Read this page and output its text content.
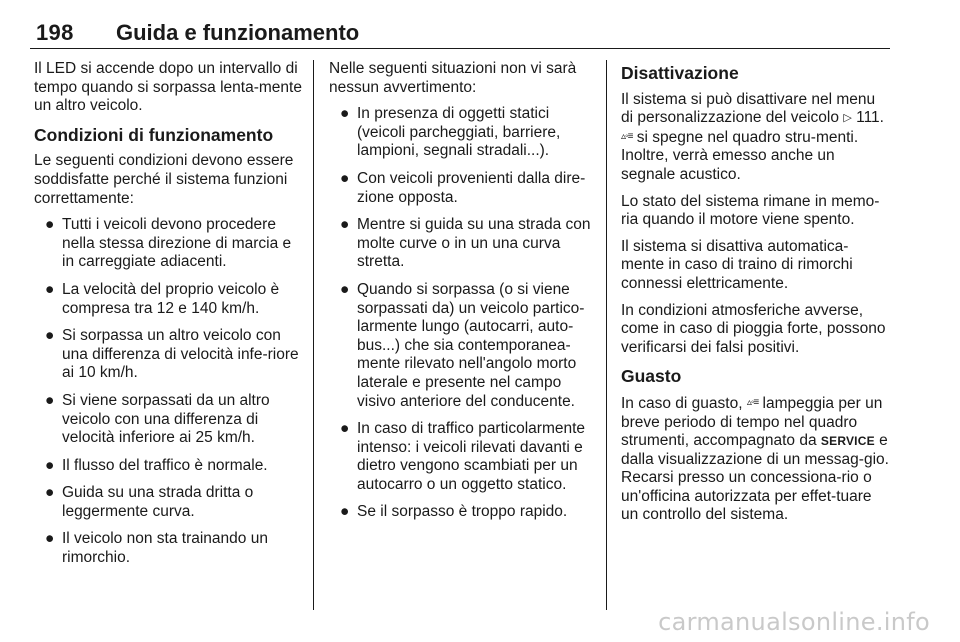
198 Guida e funzionamento

Il LED si accende dopo un intervallo di tempo quando si sorpassa lenta-mente un altro veicolo.

Condizioni di funzionamento

Le seguenti condizioni devono essere soddisfatte perché il sistema funzioni correttamente:

● Tutti i veicoli devono procedere nella stessa direzione di marcia e in carreggiate adiacenti.
● La velocità del proprio veicolo è compresa tra 12 e 140 km/h.
● Si sorpassa un altro veicolo con una differenza di velocità infe-riore ai 10 km/h.
● Si viene sorpassati da un altro veicolo con una differenza di velocità inferiore ai 25 km/h.
● Il flusso del traffico è normale.
● Guida su una strada dritta o leggermente curva.
● Il veicolo non sta trainando un rimorchio.

Nelle seguenti situazioni non vi sarà nessun avvertimento:

● In presenza di oggetti statici (veicoli parcheggiati, barriere, lampioni, segnali stradali...).
● Con veicoli provenienti dalla dire-zione opposta.
● Mentre si guida su una strada con molte curve o in un una curva stretta.
● Quando si sorpassa (o si viene sorpassati da) un veicolo partico-larmente lungo (autocarri, auto-bus...) che sia contemporanea-mente rilevato nell'angolo morto laterale e presente nel campo visivo anteriore del conducente.
● In caso di traffico particolarmente intenso: i veicoli rilevati davanti e dietro vengono scambiati per un autocarro o un oggetto statico.
● Se il sorpasso è troppo rapido.
Disattivazione

Il sistema si può disattivare nel menu di personalizzazione del veicolo ▷ 111. ▵◦≡ si spegne nel quadro stru-menti. Inoltre, verrà emesso anche un segnale acustico.

Lo stato del sistema rimane in memo-ria quando il motore viene spento.

Il sistema si disattiva automatica-mente in caso di traino di rimorchi connessi elettricamente.

In condizioni atmosferiche avverse, come in caso di pioggia forte, possono verificarsi dei falsi positivi.

Guasto

In caso di guasto, ▵◦≡ lampeggia per un breve periodo di tempo nel quadro strumenti, accompagnato da SERVICE e dalla visualizzazione di un messag-gio. Recarsi presso un concessiona-rio o un'officina autorizzata per effet-tuare un controllo del sistema.

carmanualsonline.info
